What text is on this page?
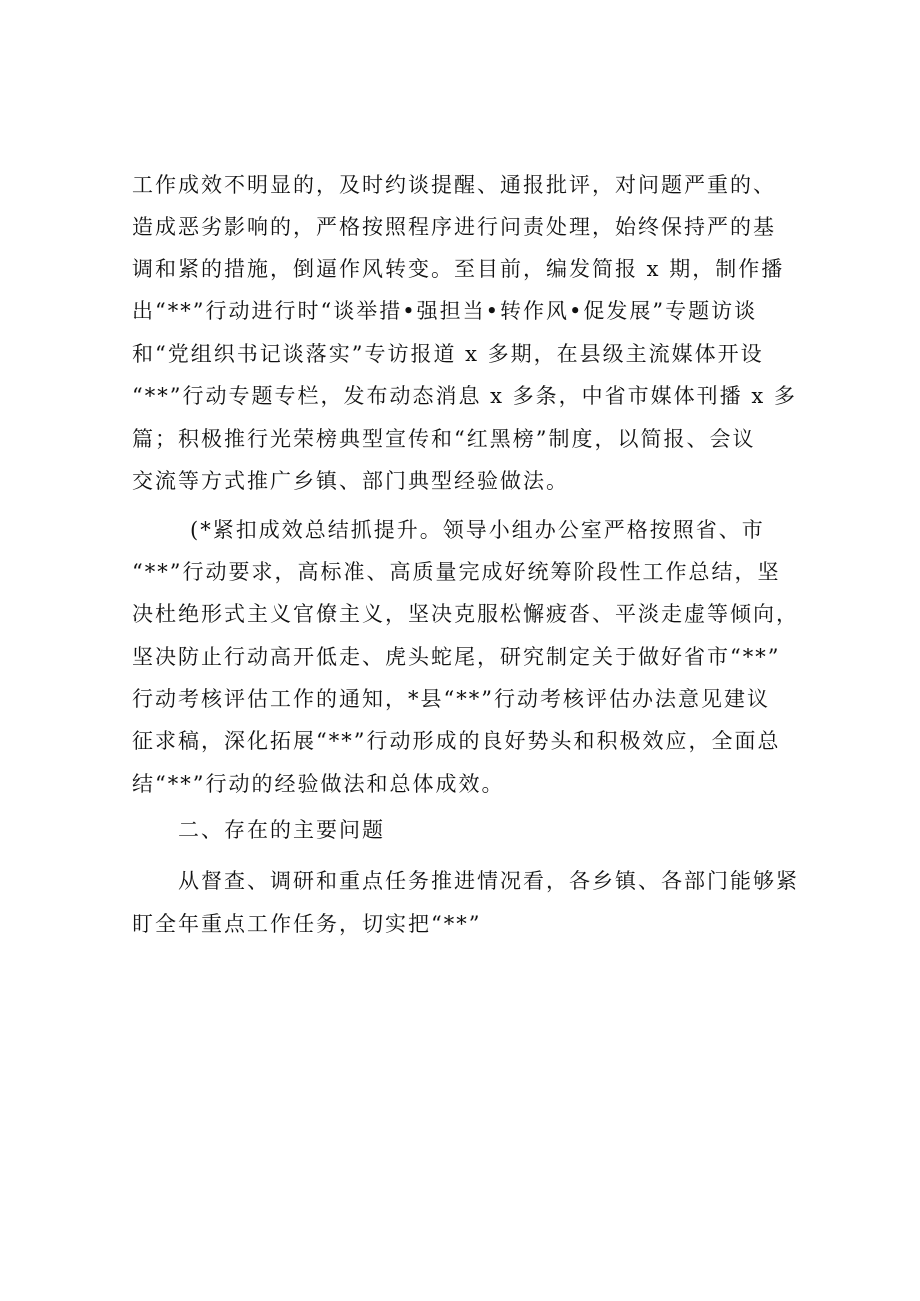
工作成效不明显的，及时约谈提醒、通报批评，对问题严重的、
造成恶劣影响的，严格按照程序进行问责处理，始终保持严的基
调和紧的措施，倒逼作风转变。至目前，编发简报 x 期，制作播
出“**”行动进行时“谈举措•强担当•转作风•促发展”专题访谈
和“党组织书记谈落实”专访报道 x 多期，在县级主流媒体开设
“**”行动专题专栏，发布动态消息 x 多条，中省市媒体刊播 x 多
篇；积极推行光荣榜典型宣传和“红黑榜”制度，以简报、会议
交流等方式推广乡镇、部门典型经验做法。
(*紧扣成效总结抓提升。领导小组办公室严格按照省、市
“**”行动要求，高标准、高质量完成好统筹阶段性工作总结，坚
决杜绝形式主义官僚主义，坚决克服松懈疲沓、平淡走虚等倾向，
坚决防止行动高开低走、虎头蛇尾，研究制定关于做好省市“**”
行动考核评估工作的通知，*县“**”行动考核评估办法意见建议
征求稿，深化拓展“**”行动形成的良好势头和积极效应，全面总
结“**”行动的经验做法和总体成效。
二、存在的主要问题
从督查、调研和重点任务推进情况看，各乡镇、各部门能够紧
盯全年重点工作任务，切实把“**”
